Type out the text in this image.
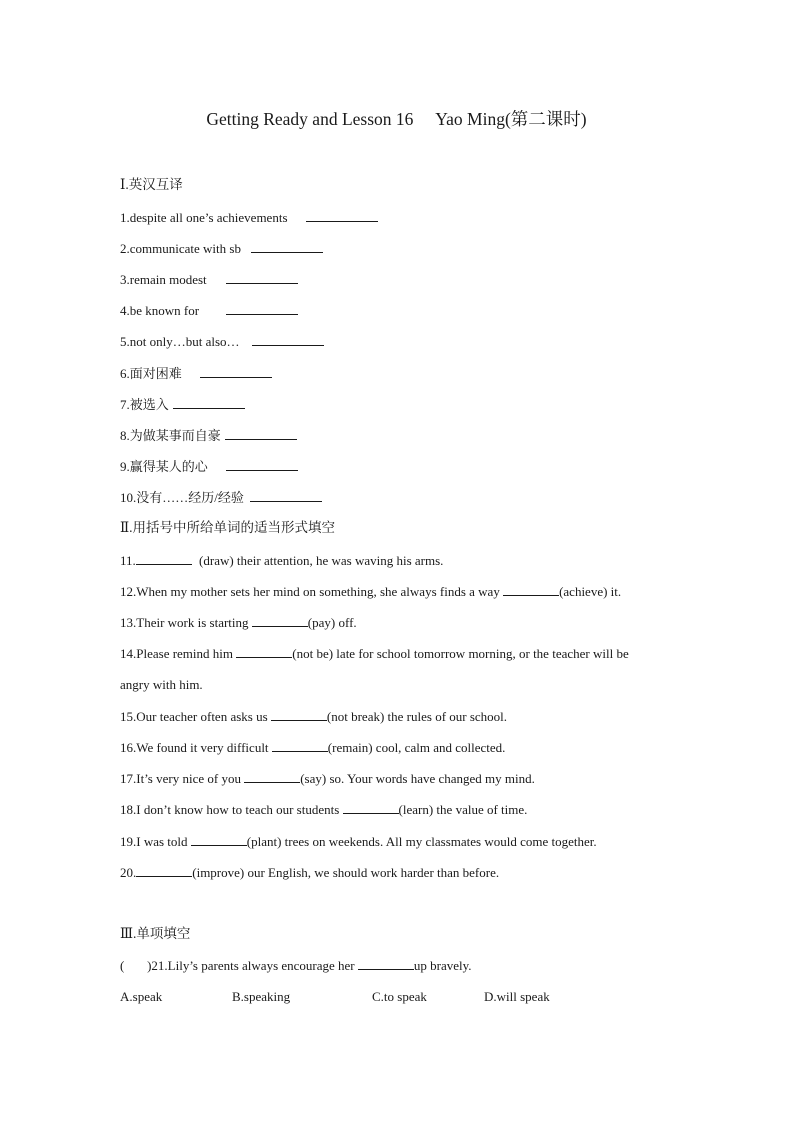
Getting Ready and Lesson 16     Yao Ming(第二课时)
Ⅰ.英汉互译
1.despite all one’s achievements
2.communicate with sb
3.remain modest
4.be known for
5.not only…but also…
6.面对困难
7.被选入
8.为做某事而自豪
9.赢得某人的心
10.没有……经历/经验
Ⅱ.用括号中所给单词的适当形式填空
11.	(draw) their attention, he was waving his arms.
12.When my mother sets her mind on something, she always finds a way	(achieve) it.
13.Their work is starting	(pay) off.
14.Please remind him	(not be) late for school tomorrow morning, or the teacher will be
angry with him.
15.Our teacher often asks us	(not break) the rules of our school.
16.We found it very difficult	(remain) cool, calm and collected.
17.It’s very nice of you	(say) so. Your words have changed my mind.
18.I don’t know how to teach our students	(learn) the value of time.
19.I was told	(plant) trees on weekends. All my classmates would come together.
20.	(improve) our English, we should work harder than before.
Ⅲ.单项填空
(       )21.Lily’s parents always encourage her	up bravely.
A.speak	B.speaking	C.to speak	D.will speak
